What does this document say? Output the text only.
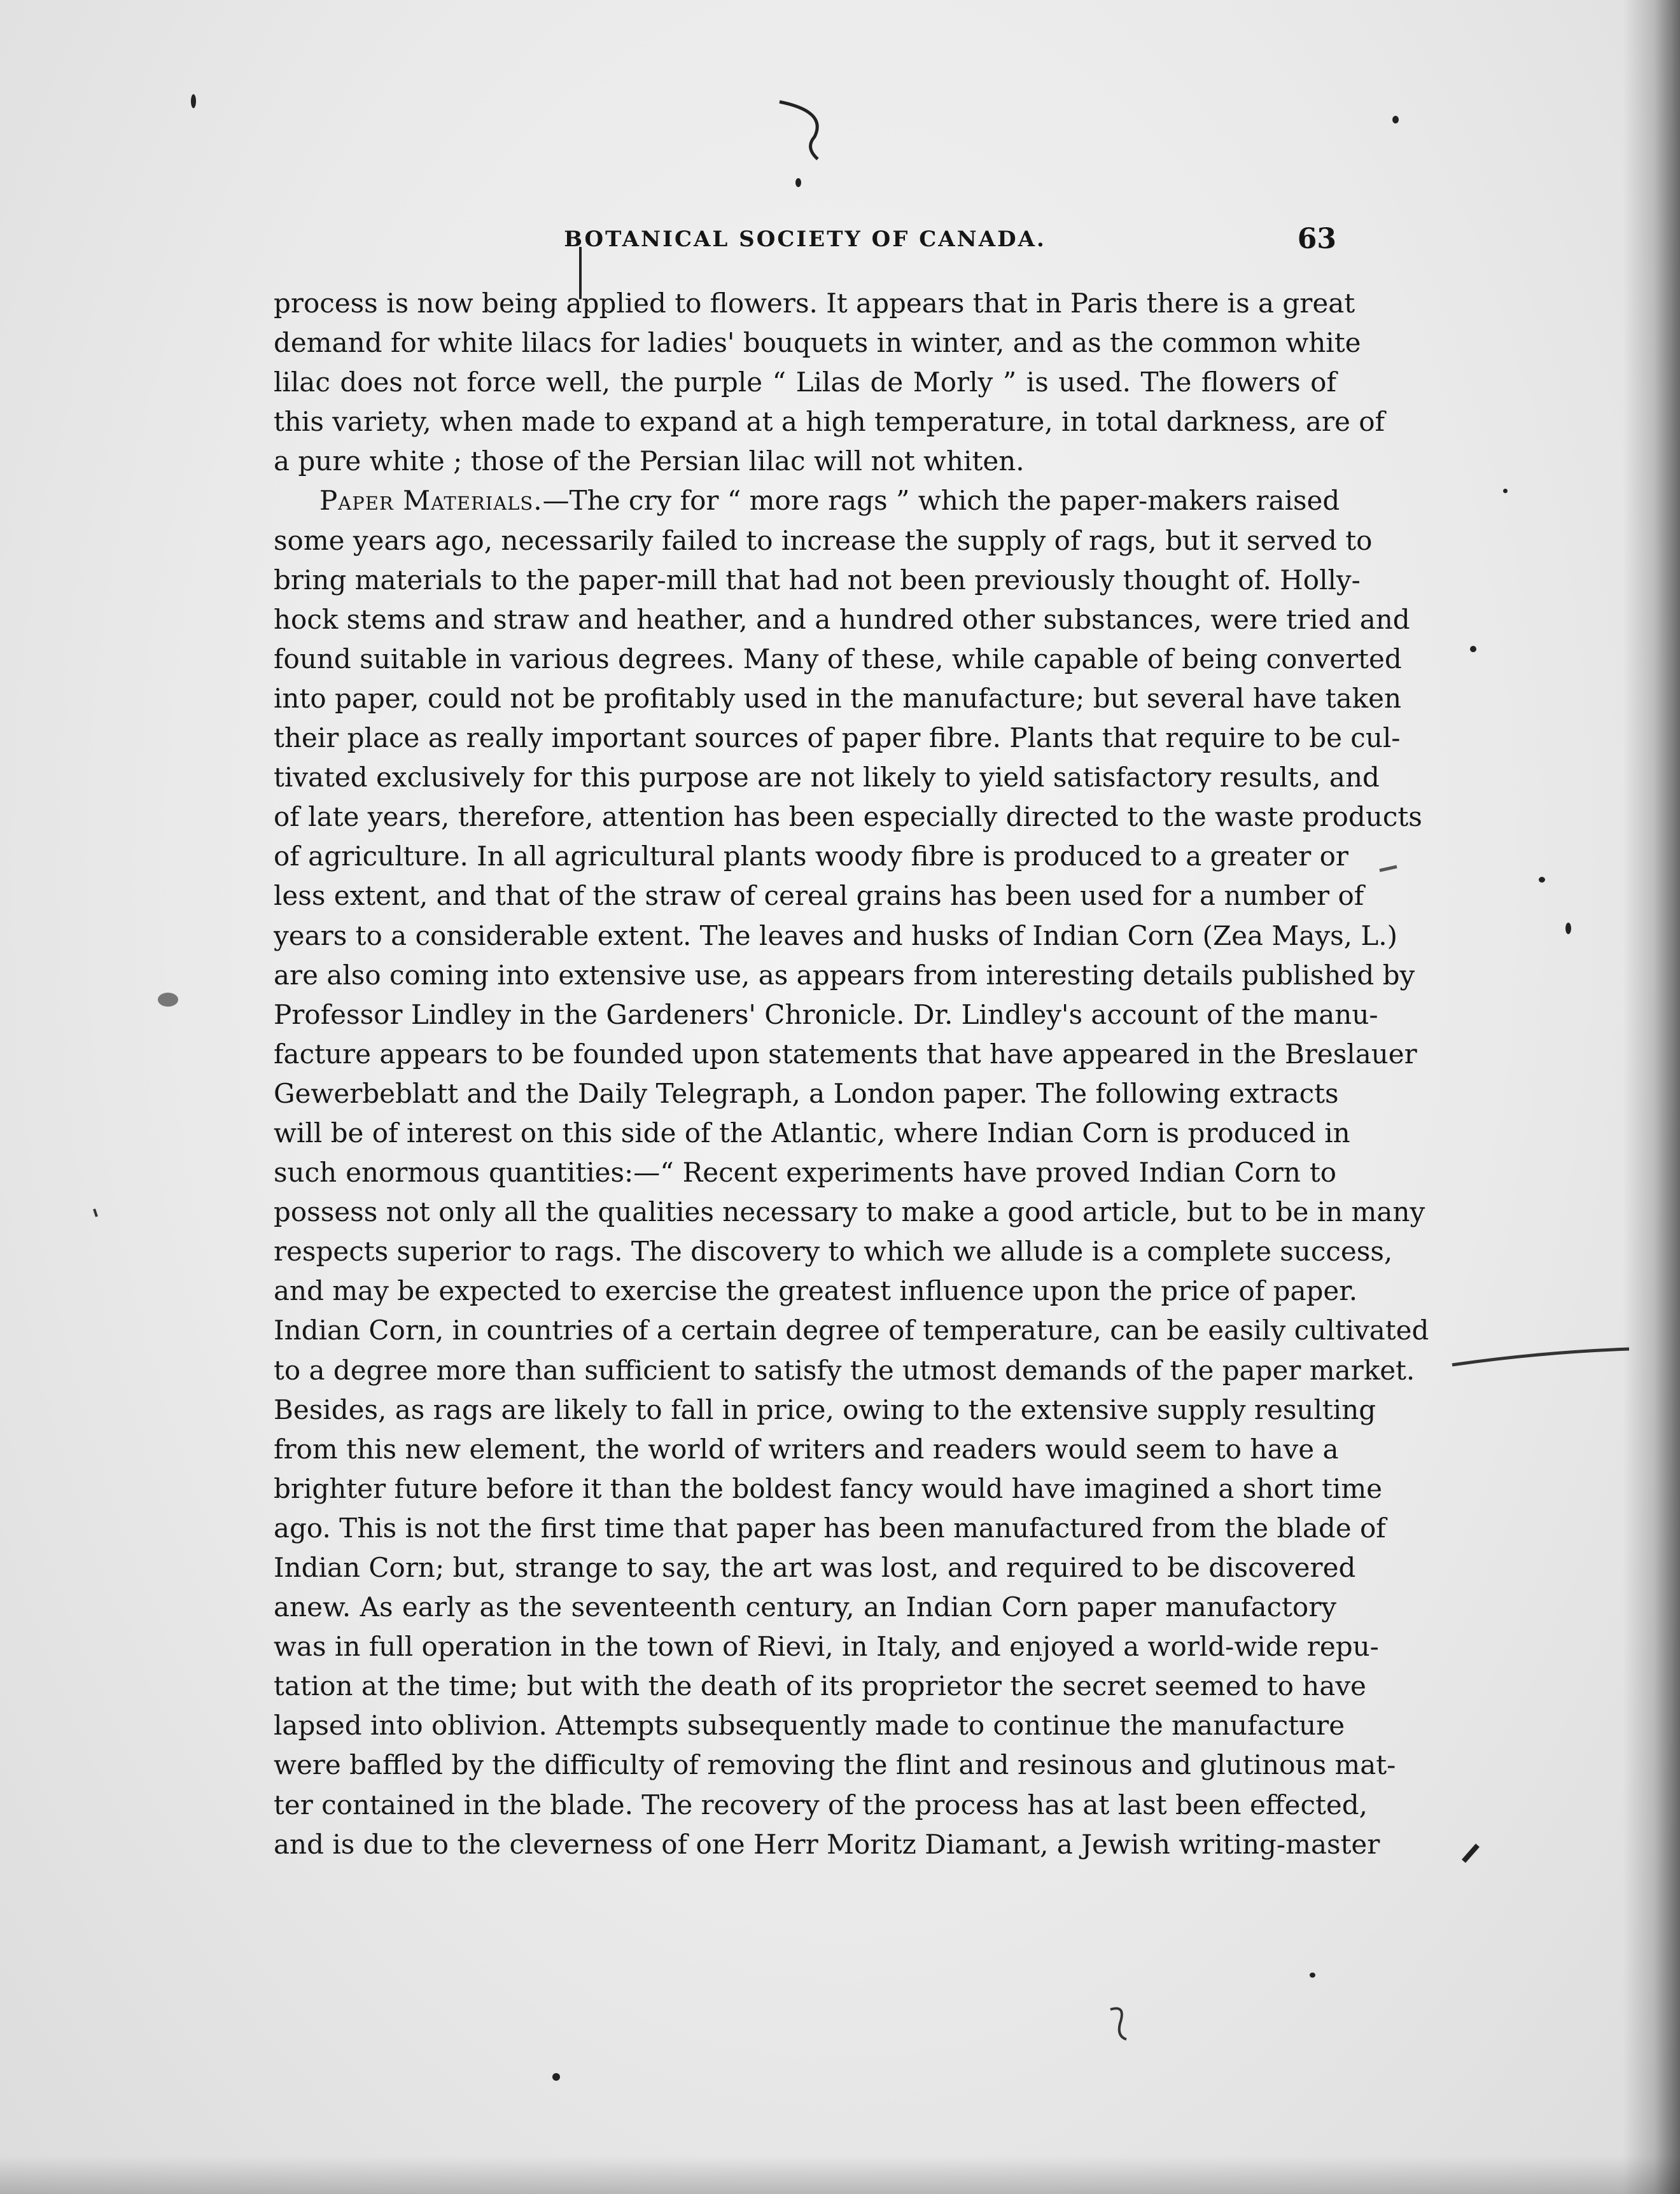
BOTANICAL SOCIETY OF CANADA.	63
process is now being applied to flowers. It appears that in Paris there is a great
demand for white lilacs for ladies' bouquets in winter, and as the common white
lilac does not force well, the purple “ Lilas de Morly ” is used. The flowers of
this variety, when made to expand at a high temperature, in total darkness, are of
a pure white ; those of the Persian lilac will not whiten.
Paper Materials.—The cry for “ more rags ” which the paper-makers raised
some years ago, necessarily failed to increase the supply of rags, but it served to
bring materials to the paper-mill that had not been previously thought of. Holly-
hock stems and straw and heather, and a hundred other substances, were tried and
found suitable in various degrees. Many of these, while capable of being converted
into paper, could not be profitably used in the manufacture; but several have taken
their place as really important sources of paper fibre. Plants that require to be cul-
tivated exclusively for this purpose are not likely to yield satisfactory results, and
of late years, therefore, attention has been especially directed to the waste products
of agriculture. In all agricultural plants woody fibre is produced to a greater or
less extent, and that of the straw of cereal grains has been used for a number of
years to a considerable extent. The leaves and husks of Indian Corn (Zea Mays, L.)
are also coming into extensive use, as appears from interesting details published by
Professor Lindley in the Gardeners' Chronicle. Dr. Lindley's account of the manu-
facture appears to be founded upon statements that have appeared in the Breslauer
Gewerbeblatt and the Daily Telegraph, a London paper. The following extracts
will be of interest on this side of the Atlantic, where Indian Corn is produced in
such enormous quantities:—“ Recent experiments have proved Indian Corn to
possess not only all the qualities necessary to make a good article, but to be in many
respects superior to rags. The discovery to which we allude is a complete success,
and may be expected to exercise the greatest influence upon the price of paper.
Indian Corn, in countries of a certain degree of temperature, can be easily cultivated
to a degree more than sufficient to satisfy the utmost demands of the paper market.
Besides, as rags are likely to fall in price, owing to the extensive supply resulting
from this new element, the world of writers and readers would seem to have a
brighter future before it than the boldest fancy would have imagined a short time
ago. This is not the first time that paper has been manufactured from the blade of
Indian Corn; but, strange to say, the art was lost, and required to be discovered
anew. As early as the seventeenth century, an Indian Corn paper manufactory
was in full operation in the town of Rievi, in Italy, and enjoyed a world-wide repu-
tation at the time; but with the death of its proprietor the secret seemed to have
lapsed into oblivion. Attempts subsequently made to continue the manufacture
were baffled by the difficulty of removing the flint and resinous and glutinous mat-
ter contained in the blade. The recovery of the process has at last been effected,
and is due to the cleverness of one Herr Moritz Diamant, a Jewish writing-master
